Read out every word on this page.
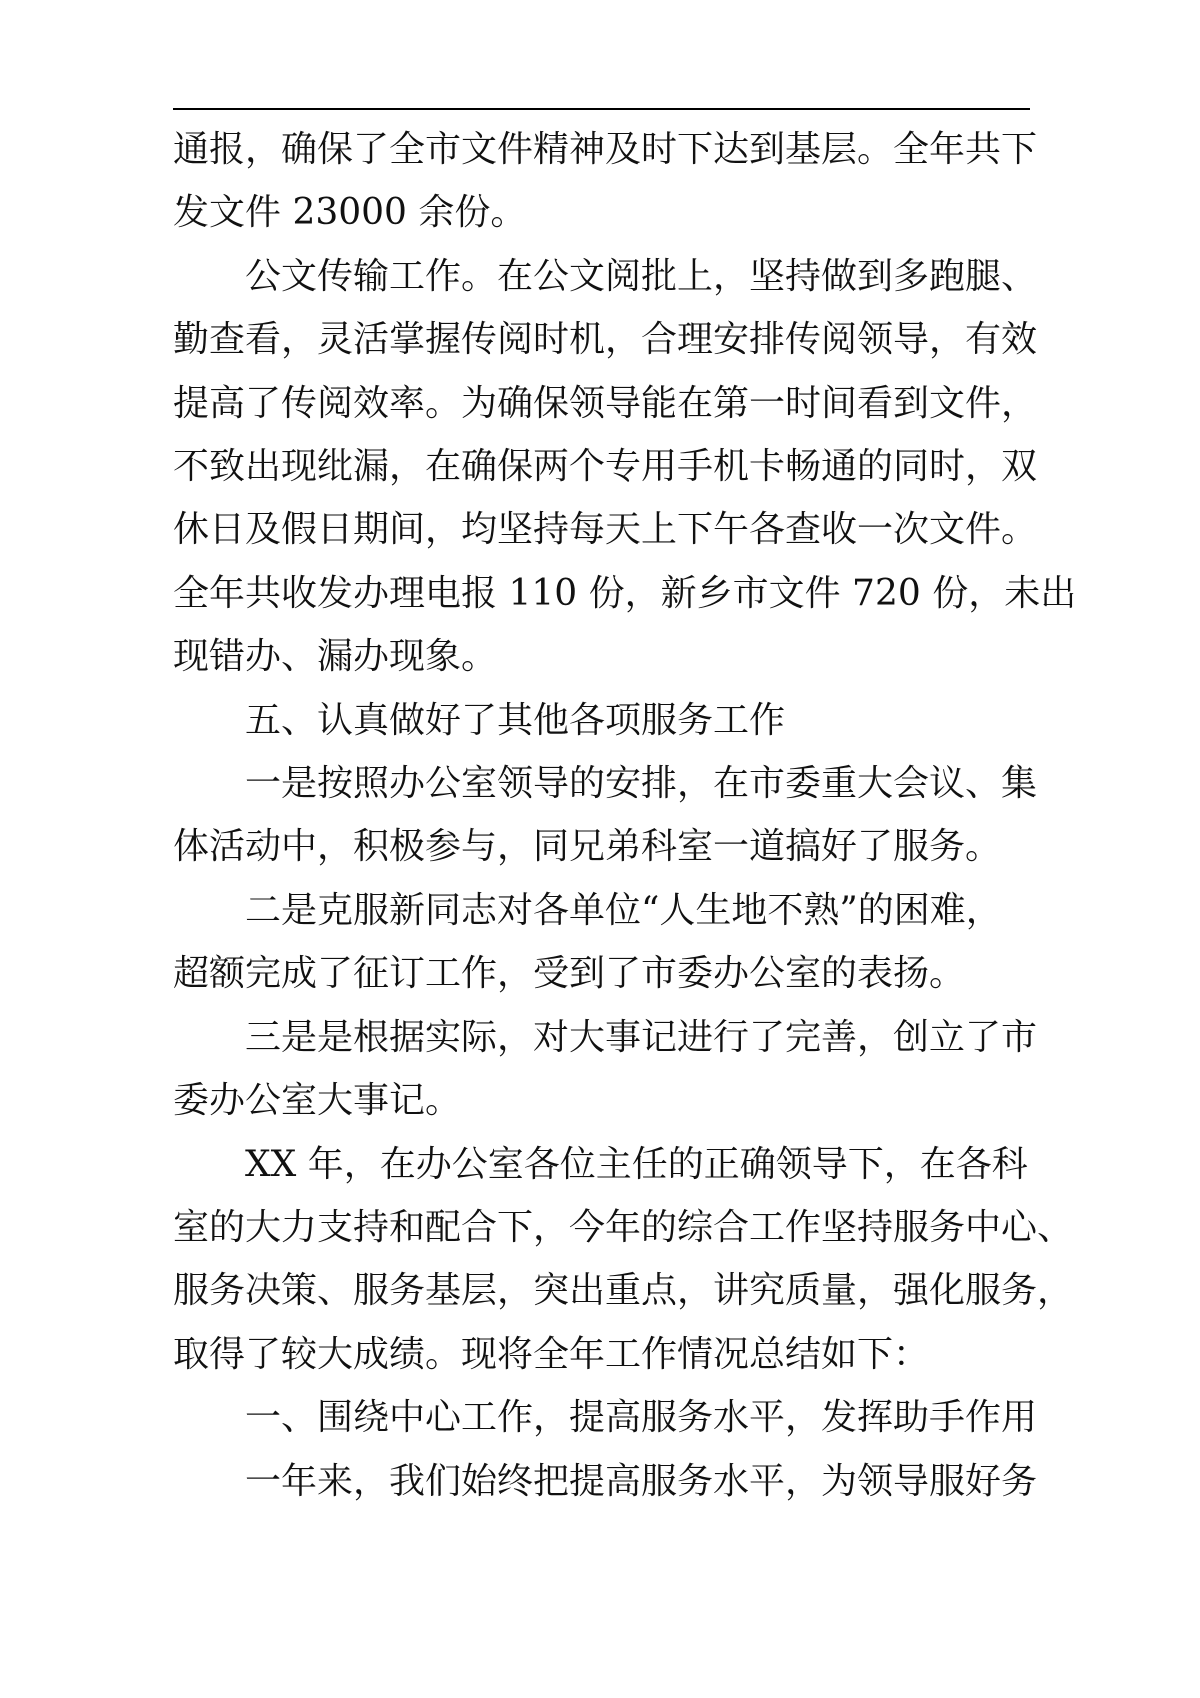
通报，确保了全市文件精神及时下达到基层。全年共下
发文件 23000 余份。

公文传输工作。在公文阅批上，坚持做到多跑腿、
勤查看，灵活掌握传阅时机，合理安排传阅领导，有效
提高了传阅效率。为确保领导能在第一时间看到文件，
不致出现纰漏，在确保两个专用手机卡畅通的同时，双
休日及假日期间，均坚持每天上下午各查收一次文件。
全年共收发办理电报 110 份，新乡市文件 720 份，未出
现错办、漏办现象。

五、认真做好了其他各项服务工作

一是按照办公室领导的安排，在市委重大会议、集
体活动中，积极参与，同兄弟科室一道搞好了服务。

二是克服新同志对各单位“人生地不熟”的困难，
超额完成了征订工作，受到了市委办公室的表扬。

三是是根据实际，对大事记进行了完善，创立了市
委办公室大事记。

XX 年，在办公室各位主任的正确领导下，在各科
室的大力支持和配合下，今年的综合工作坚持服务中心、
服务决策、服务基层，突出重点，讲究质量，强化服务，
取得了较大成绩。现将全年工作情况总结如下：

一、围绕中心工作，提高服务水平，发挥助手作用

一年来，我们始终把提高服务水平，为领导服好务
